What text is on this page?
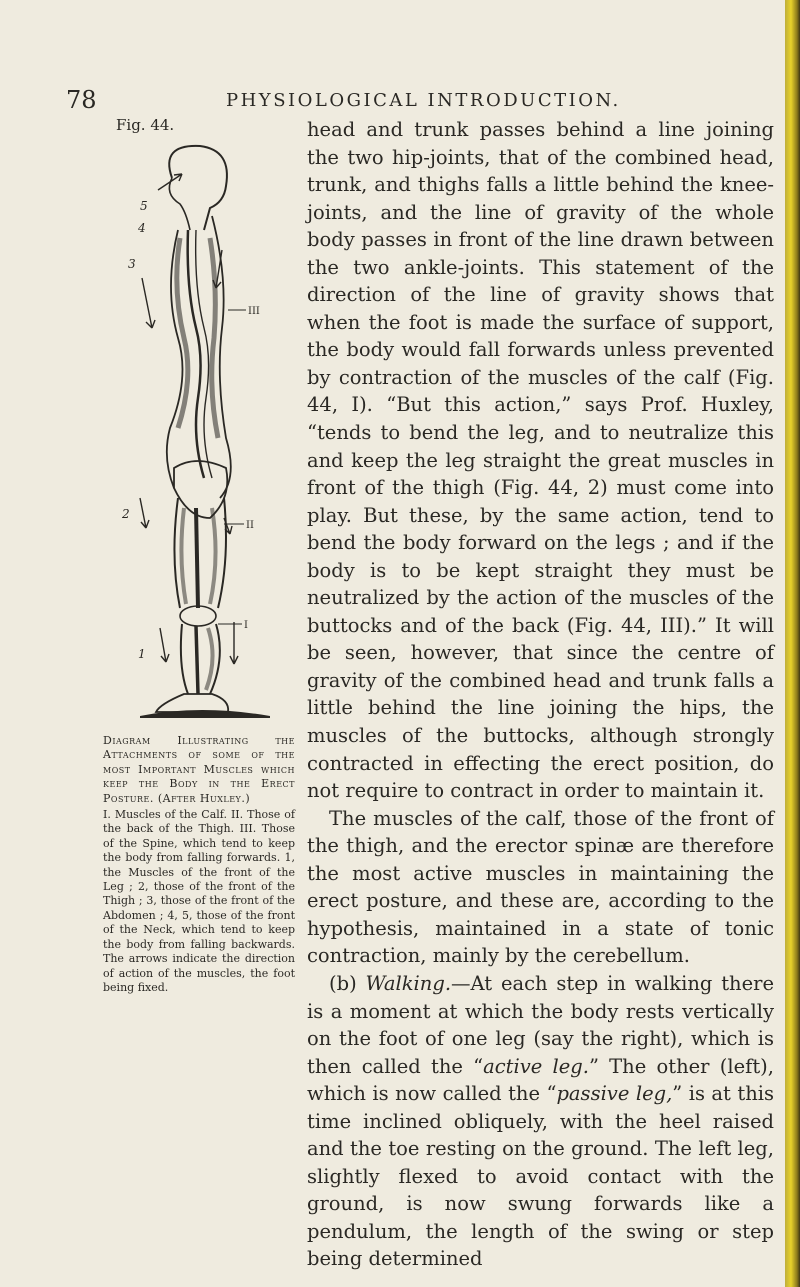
78	PHYSIOLOGICAL INTRODUCTION.
Fig. 44.
5
4
3
2
1
III
II
I
Diagram Illustrating the Attachments of some of the most Important Muscles which keep the Body in the Erect Posture. (After Huxley.)

I. Muscles of the Calf. II. Those of the back of the Thigh. III. Those of the Spine, which tend to keep the body from falling forwards. 1, the Muscles of the front of the Leg ; 2, those of the front of the Thigh ; 3, those of the front of the Abdomen ; 4, 5, those of the front of the Neck, which tend to keep the body from falling backwards. The arrows indicate the direction of action of the muscles, the foot being fixed.

head and trunk passes behind a line joining the two hip-joints, that of the combined head, trunk, and thighs falls a little behind the knee-joints, and the line of gravity of the whole body passes in front of the line drawn between the two ankle-joints. This statement of the direction of the line of gravity shows that when the foot is made the surface of support, the body would fall forwards unless prevented by contraction of the muscles of the calf (Fig. 44, I). “But this action,” says Prof. Huxley, “tends to bend the leg, and to neutralize this and keep the leg straight the great muscles in front of the thigh (Fig. 44, 2) must come into play. But these, by the same action, tend to bend the body forward on the legs ; and if the body is to be kept straight they must be neutralized by the action of the muscles of the buttocks and of the back (Fig. 44, III).” It will be seen, however, that since the centre of gravity of the combined head and trunk falls a little behind the line joining the hips, the muscles of the buttocks, although strongly contracted in effecting the erect position, do not require to contract in order to maintain it.

The muscles of the calf, those of the front of the thigh, and the erector spinæ are therefore the most active muscles in maintaining the erect posture, and these are, according to the hypothesis, maintained in a state of tonic contraction, mainly by the cerebellum.

(b) Walking.—At each step in walking there is a moment at which the body rests vertically on the foot of one leg (say the right), which is then called the “active leg.” The other (left), which is now called the “passive leg,” is at this time inclined obliquely, with the heel raised and the toe resting on the ground. The left leg, slightly flexed to avoid contact with the ground, is now swung forwards like a pendulum, the length of the swing or step being determined
